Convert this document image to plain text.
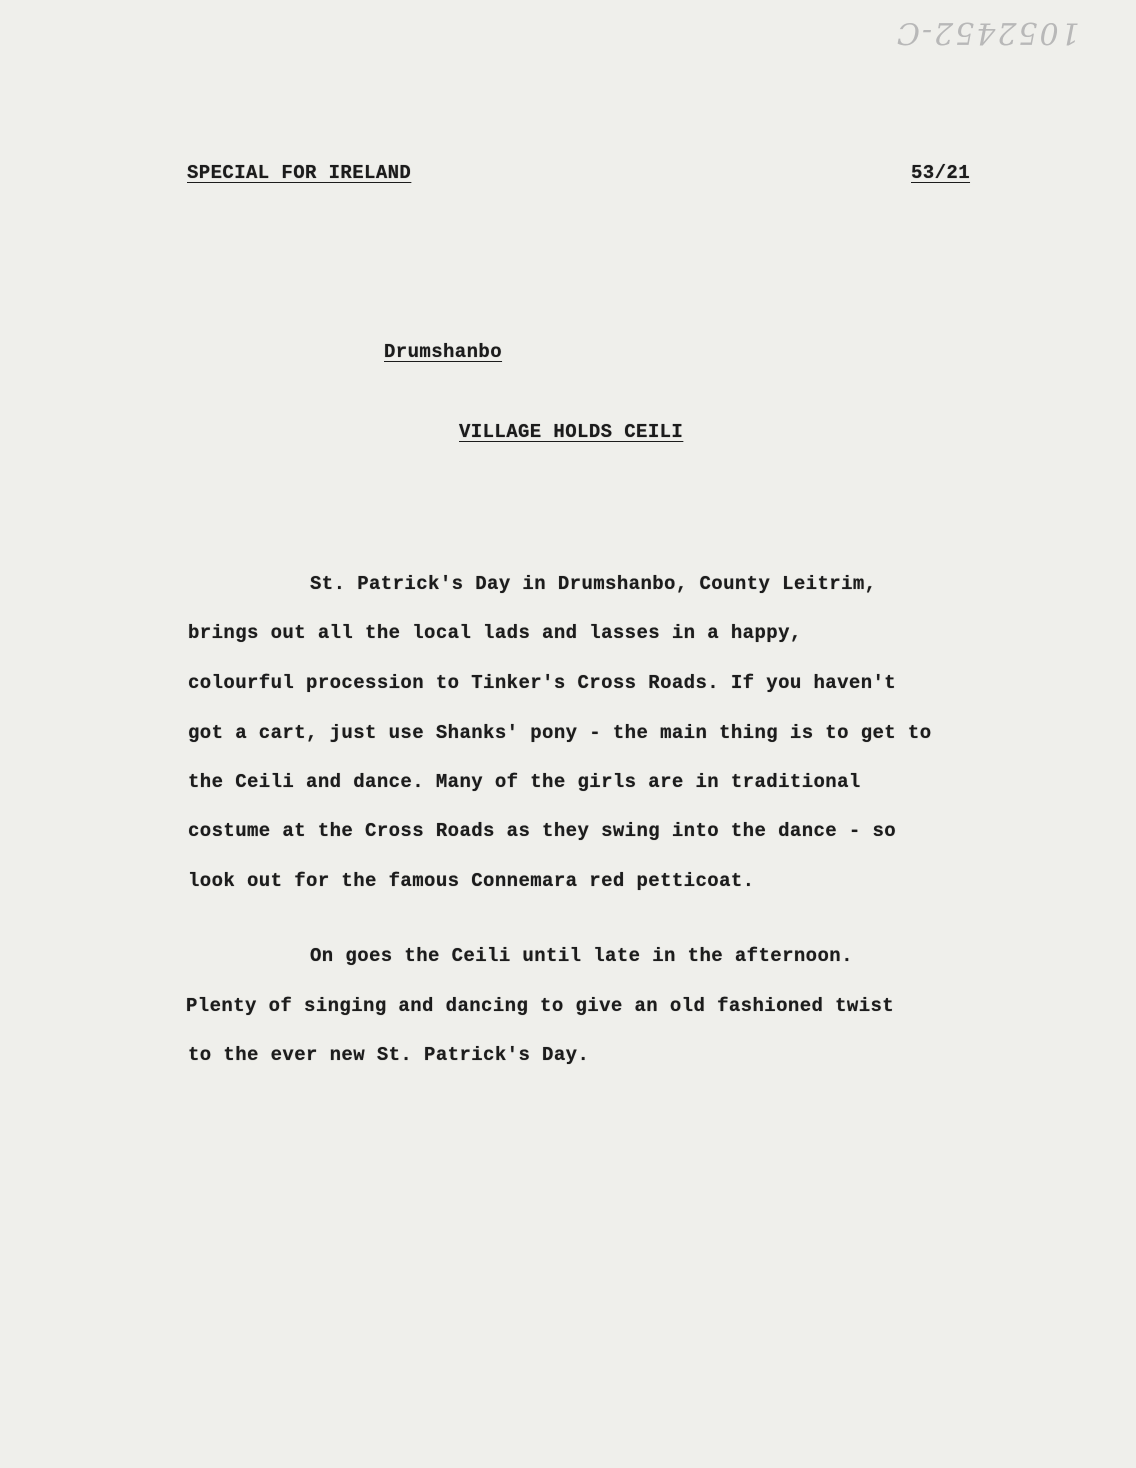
1052452-C
SPECIAL FOR IRELAND	53/21
Drumshanbo
VILLAGE HOLDS CEILI
St. Patrick's Day in Drumshanbo, County Leitrim,
brings out all the local lads and lasses in a happy,
colourful procession to Tinker's Cross Roads. If you haven't
got a cart, just use Shanks' pony - the main thing is to get to
the Ceili and dance. Many of the girls are in traditional
costume at the Cross Roads as they swing into the dance - so
look out for the famous Connemara red petticoat.
On goes the Ceili until late in the afternoon.
Plenty of singing and dancing to give an old fashioned twist
to the ever new St. Patrick's Day.
